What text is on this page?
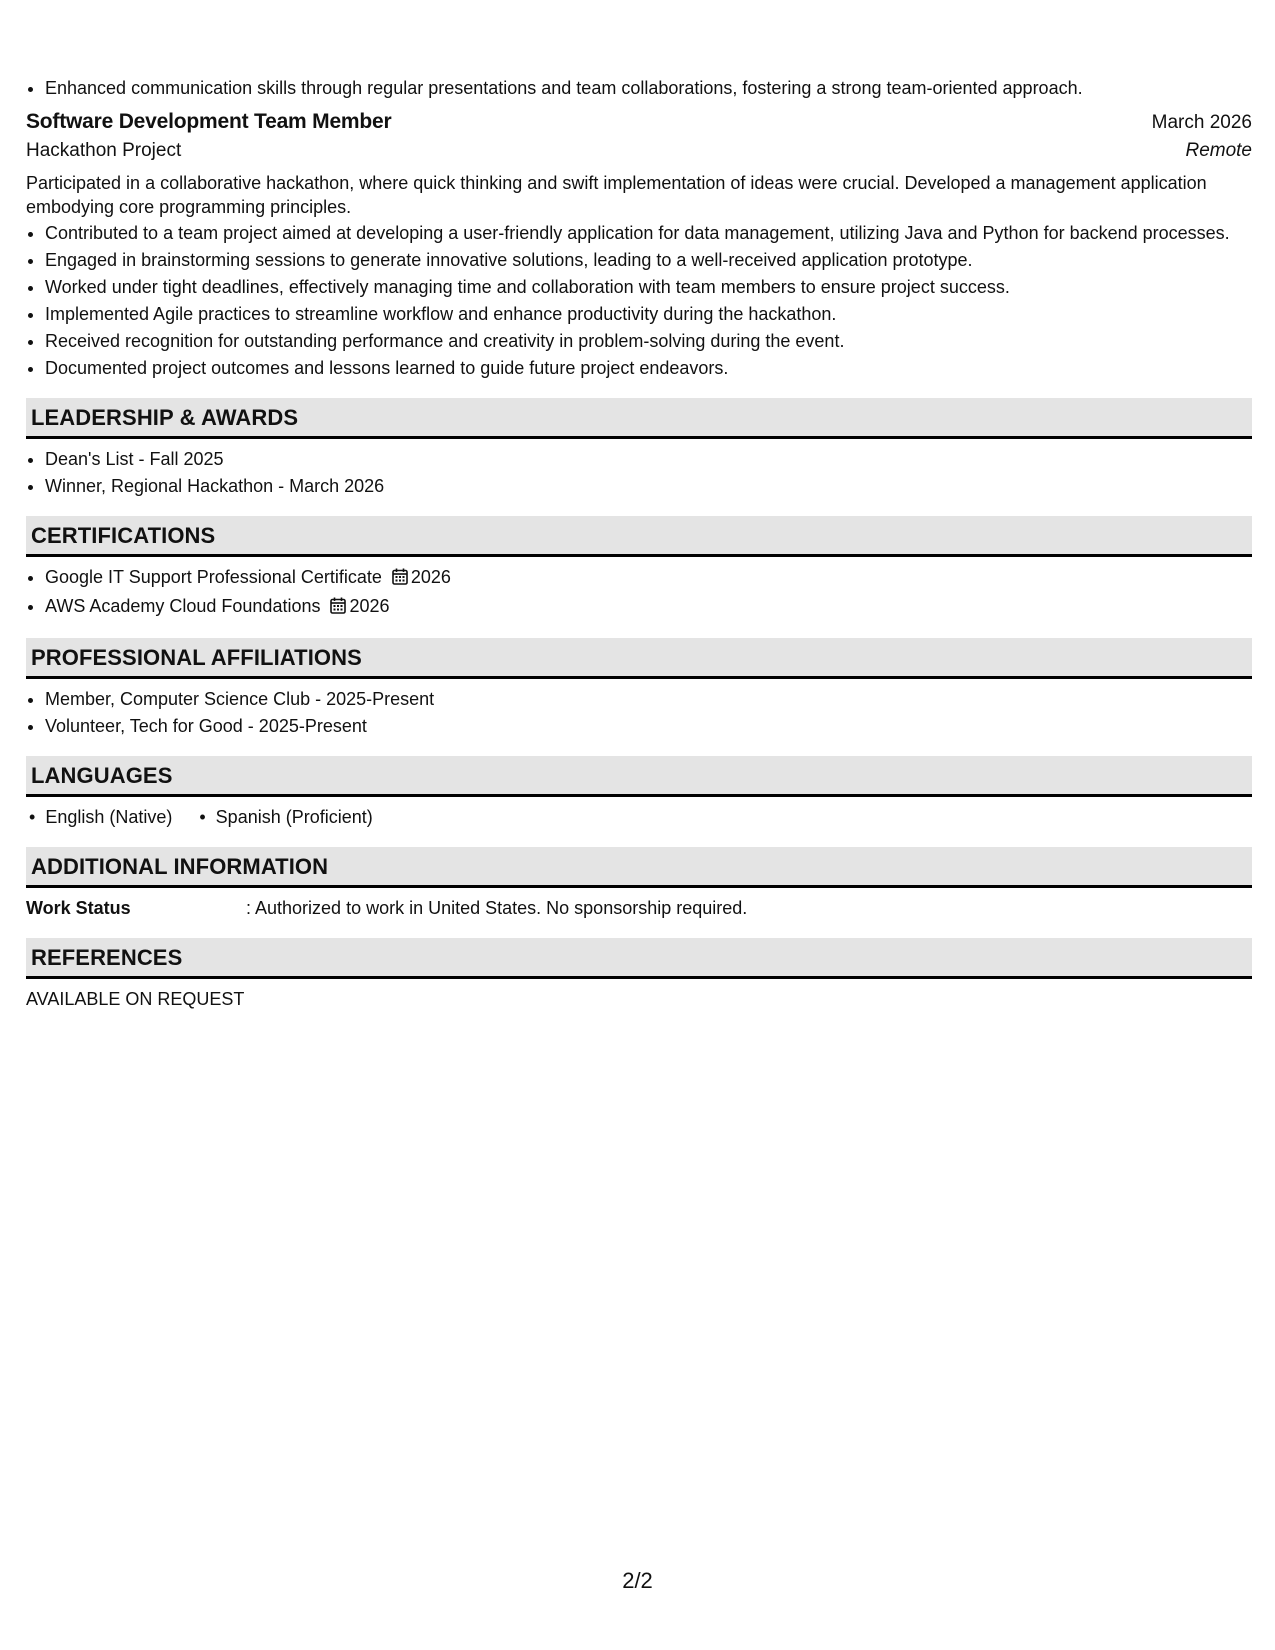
• Enhanced communication skills through regular presentations and team collaborations, fostering a strong team-oriented approach.
Software Development Team Member	March 2026
Hackathon Project	Remote
Participated in a collaborative hackathon, where quick thinking and swift implementation of ideas were crucial. Developed a management application embodying core programming principles.
• Contributed to a team project aimed at developing a user-friendly application for data management, utilizing Java and Python for backend processes.
• Engaged in brainstorming sessions to generate innovative solutions, leading to a well-received application prototype.
• Worked under tight deadlines, effectively managing time and collaboration with team members to ensure project success.
• Implemented Agile practices to streamline workflow and enhance productivity during the hackathon.
• Received recognition for outstanding performance and creativity in problem-solving during the event.
• Documented project outcomes and lessons learned to guide future project endeavors.
LEADERSHIP & AWARDS
• Dean's List - Fall 2025
• Winner, Regional Hackathon - March 2026
CERTIFICATIONS
• Google IT Support Professional Certificate 2026
• AWS Academy Cloud Foundations 2026
PROFESSIONAL AFFILIATIONS
• Member, Computer Science Club - 2025-Present
• Volunteer, Tech for Good - 2025-Present
LANGUAGES
• English (Native)
•	Spanish (Proficient)
ADDITIONAL INFORMATION
Work Status	: Authorized to work in United States. No sponsorship required.
REFERENCES
AVAILABLE ON REQUEST
2/2
